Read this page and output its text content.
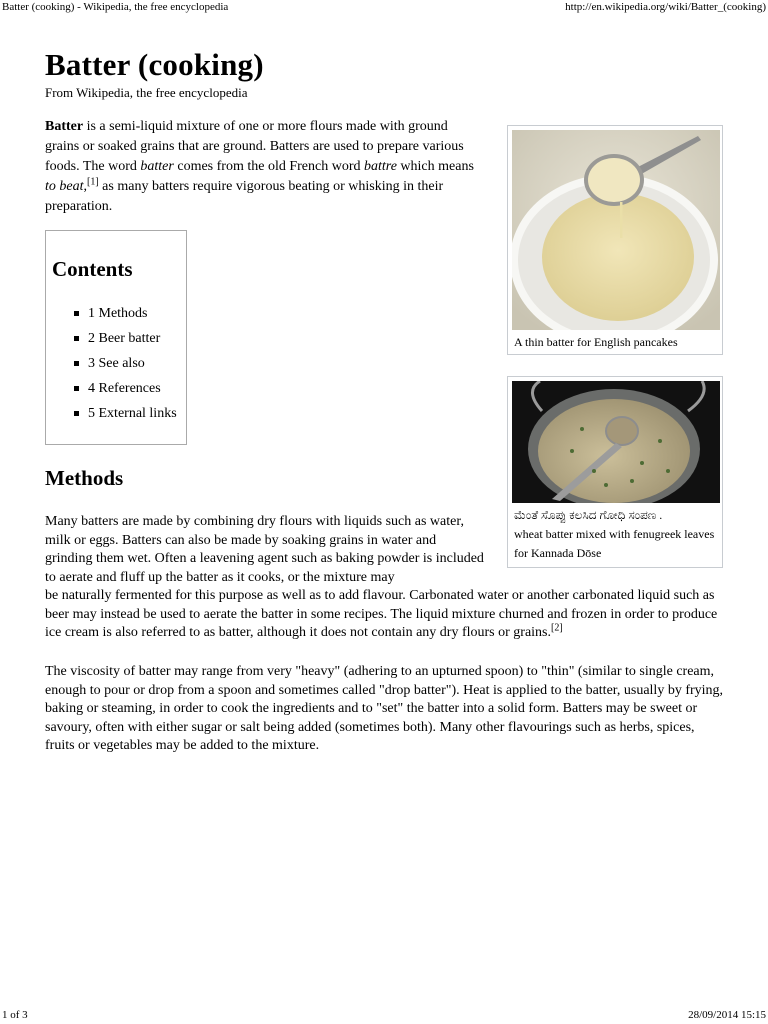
Batter (cooking) - Wikipedia, the free encyclopedia	http://en.wikipedia.org/wiki/Batter_(cooking)
Batter (cooking)
From Wikipedia, the free encyclopedia
Batter is a semi-liquid mixture of one or more flours made with ground grains or soaked grains that are ground. Batters are used to prepare various foods. The word batter comes from the old French word battre which means to beat,[1] as many batters require vigorous beating or whisking in their preparation.
Contents
1 Methods
2 Beer batter
3 See also
4 References
5 External links
Methods
Many batters are made by combining dry flours with liquids such as water, milk or eggs. Batters can also be made by soaking grains in water and grinding them wet. Often a leavening agent such as baking powder is included to aerate and fluff up the batter as it cooks, or the mixture may
be naturally fermented for this purpose as well as to add flavour. Carbonated water or another carbonated liquid such as beer may instead be used to aerate the batter in some recipes. The liquid mixture churned and frozen in order to produce ice cream is also referred to as batter, although it does not contain any dry flours or grains.[2]
The viscosity of batter may range from very "heavy" (adhering to an upturned spoon) to "thin" (similar to single cream, enough to pour or drop from a spoon and sometimes called "drop batter"). Heat is applied to the batter, usually by frying, baking or steaming, in order to cook the ingredients and to "set" the batter into a solid form. Batters may be sweet or savoury, often with either sugar or salt being added (sometimes both). Many other flavourings such as herbs, spices, fruits or vegetables may be added to the mixture.
A thin batter for English pancakes
ಮೆಂತೆ ಸೊಪ್ಪು ಕಲಸಿದ ಗೋಧಿ ಸಂಪಣ .
wheat batter mixed with fenugreek leaves for Kannada Dōse
1 of 3	28/09/2014 15:15
